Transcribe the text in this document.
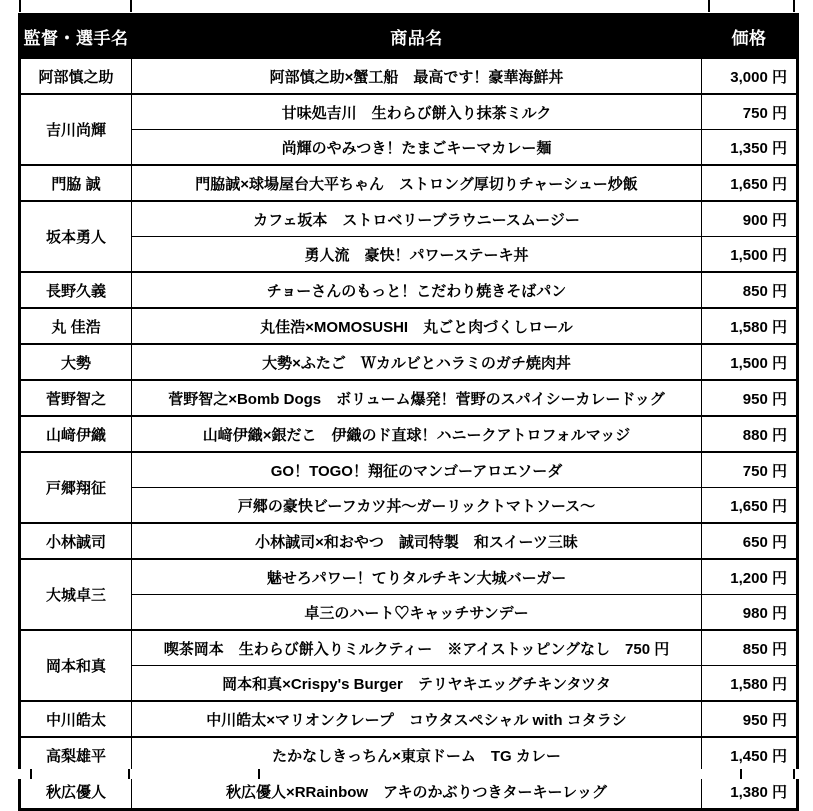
監督・選手名	商品名	価格
阿部慎之助	阿部慎之助×蟹工船　最高です！豪華海鮮丼	3,000 円
吉川尚輝	甘味処吉川　生わらび餅入り抹茶ミルク	750 円
	尚輝のやみつき！たまごキーマカレー麺	1,350 円
門脇 誠	門脇誠×球場屋台大平ちゃん　ストロング厚切りチャーシュー炒飯	1,650 円
坂本勇人	カフェ坂本　ストロベリーブラウニースムージー	900 円
	勇人流　豪快！パワーステーキ丼	1,500 円
長野久義	チョーさんのもっと！こだわり焼きそばパン	850 円
丸 佳浩	丸佳浩×MOMOSUSHI　丸ごと肉づくしロール	1,580 円
大勢	大勢×ふたご　Ｗカルビとハラミのガチ焼肉丼	1,500 円
菅野智之	菅野智之×Bomb Dogs　ボリューム爆発！菅野のスパイシーカレードッグ	950 円
山﨑伊織	山﨑伊織×銀だこ　伊織のド直球！ハニークアトロフォルマッジ	880 円
戸郷翔征	GO！TOGO！翔征のマンゴーアロエソーダ	750 円
	戸郷の豪快ビーフカツ丼〜ガーリックトマトソース〜	1,650 円
小林誠司	小林誠司×和おやつ　誠司特製　和スイーツ三昧	650 円
大城卓三	魅せろパワー！てりタルチキン大城バーガー	1,200 円
	卓三のハート♡キャッチサンデー	980 円
岡本和真	喫茶岡本　生わらび餅入りミルクティー　※アイストッピングなし　750 円	850 円
	岡本和真×Crispy's Burger　テリヤキエッグチキンタツタ	1,580 円
中川皓太	中川皓太×マリオンクレープ　コウタスペシャル with コタラシ	950 円
高梨雄平	たかなしきっちん×東京ドーム　TG カレー	1,450 円
秋広優人	秋広優人×RRainbow　アキのかぶりつきターキーレッグ	1,380 円
